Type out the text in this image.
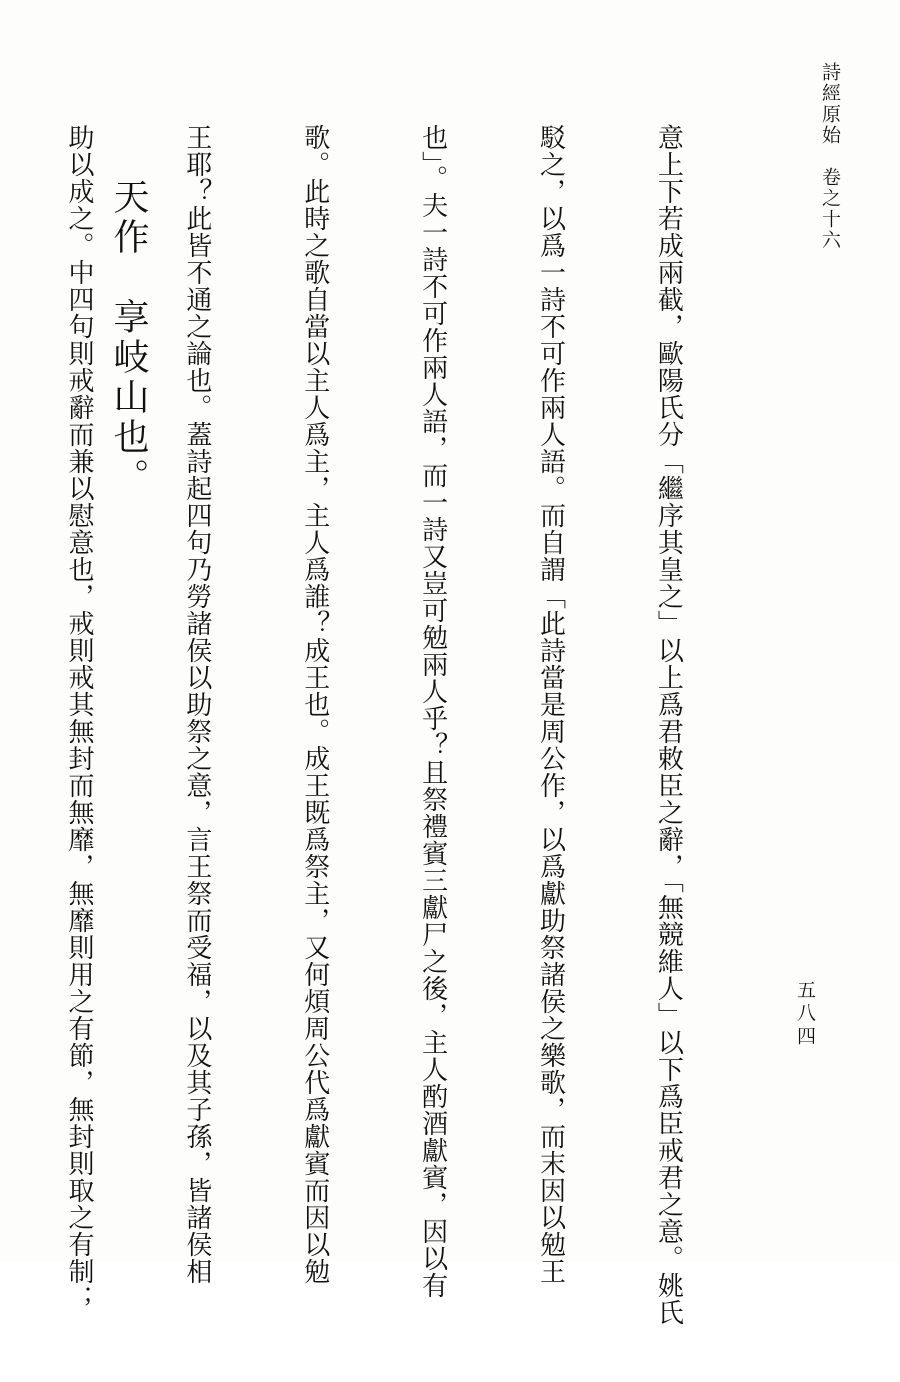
詩經原始　卷之十六
五八四

意上下若成兩截，歐陽氏分「繼序其皇之」以上爲君敕臣之辭，「無競維人」以下爲臣戒君之意。姚氏

駁之，以爲一詩不可作兩人語。而自謂「此詩當是周公作，以爲獻助祭諸侯之樂歌，而末因以勉王

也」。夫一詩不可作兩人語，而一詩又豈可勉兩人乎？且祭禮賓三獻尸之後，主人酌酒獻賓，因以有

歌。此時之歌自當以主人爲主，主人爲誰？成王也。成王既爲祭主，又何煩周公代爲獻賓而因以勉

王耶？此皆不通之論也。蓋詩起四句乃勞諸侯以助祭之意，言王祭而受福，以及其子孫，皆諸侯相

助以成之。中四句則戒辭而兼以慰意也，戒則戒其無封而無靡，無靡則用之有節，無封則取之有制；

天作　享岐山也。
